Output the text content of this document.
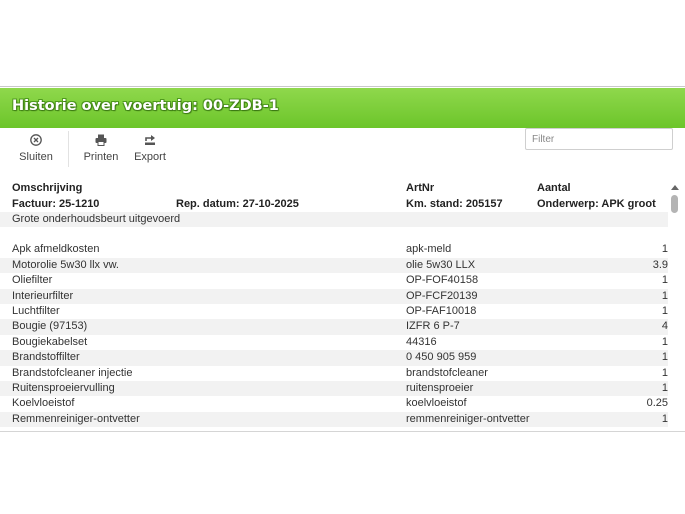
Historie over voertuig: 00-ZDB-1
Sluiten	Printen	Export
Filter
Omschrijving	ArtNr	Aantal
Factuur: 25-1210	Rep. datum: 27-10-2025	Km. stand: 205157	Onderwerp: APK groot
Grote onderhoudsbeurt uitgevoerd
Apk afmeldkosten	apk-meld	1
Motorolie 5w30 llx vw.	olie 5w30 LLX	3.9
Oliefilter	OP-FOF40158	1
Interieurfilter	OP-FCF20139	1
Luchtfilter	OP-FAF10018	1
Bougie (97153)	IZFR 6 P-7	4
Bougiekabelset	44316	1
Brandstoffilter	0 450 905 959	1
Brandstofcleaner injectie	brandstofcleaner	1
Ruitensproeiervulling	ruitensproeier	1
Koelvloeistof	koelvloeistof	0.25
Remmenreiniger-ontvetter	remmenreiniger-ontvetter	1
